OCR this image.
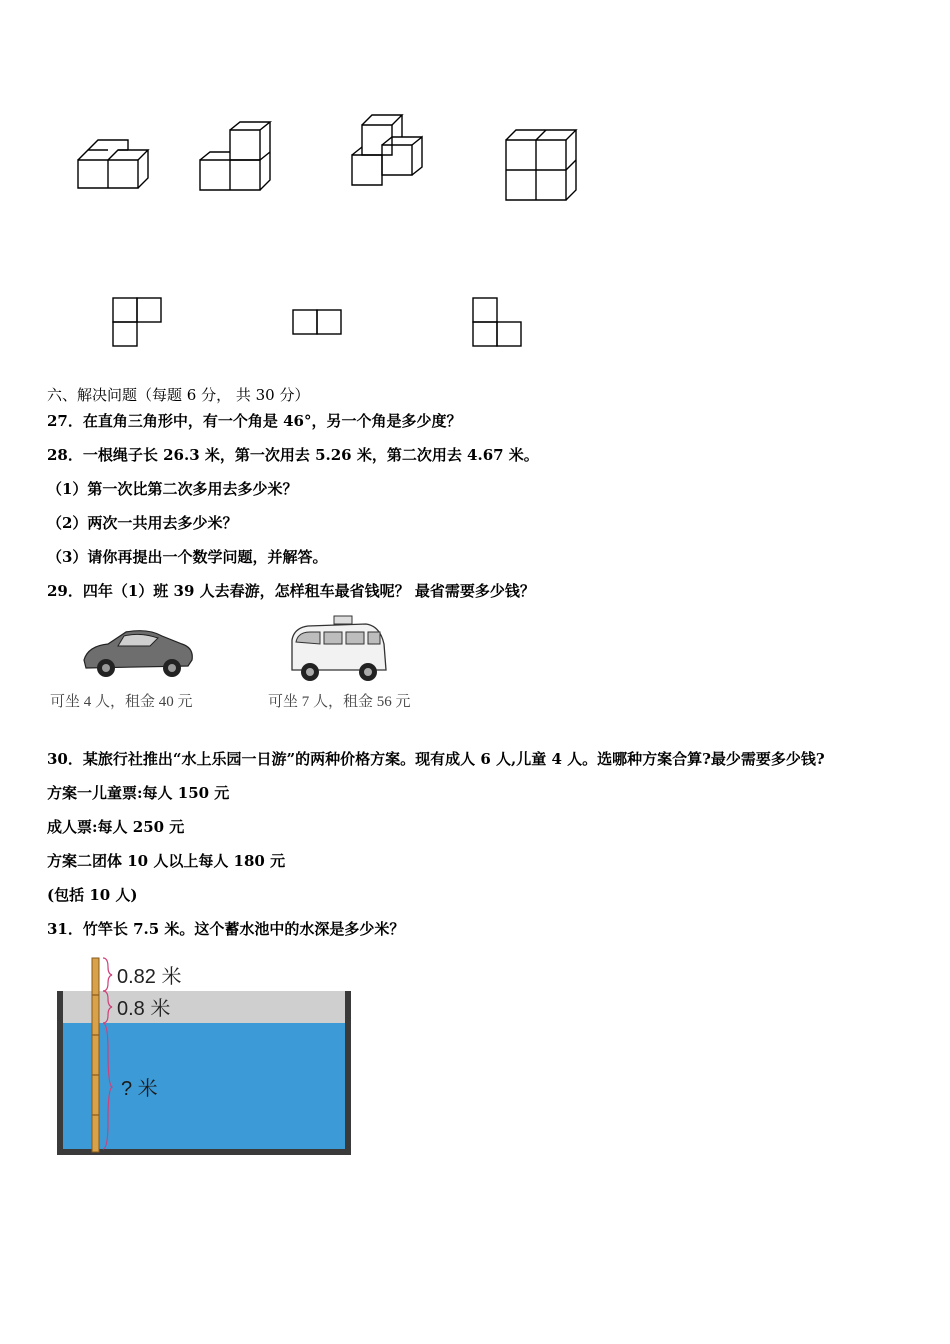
六、解决问题（每题 6 分， 共 30 分）
27．在直角三角形中，有一个角是 46°，另一个角是多少度？
28．一根绳子长 26.3 米，第一次用去 5.26 米，第二次用去 4.67 米。
（1）第一次比第二次多用去多少米？
（2）两次一共用去多少米？
（3）请你再提出一个数学问题，并解答。
29．四年（1）班 39 人去春游，怎样租车最省钱呢？ 最省需要多少钱？
可坐 4 人，租金 40 元	可坐 7 人，租金 56 元
30．某旅行社推出“水上乐园一日游”的两种价格方案。现有成人 6 人,儿童 4 人。选哪种方案合算?最少需要多少钱?
方案一儿童票:每人 150 元
成人票:每人 250 元
方案二团体 10 人以上每人 180 元
(包括 10 人)
31．竹竿长 7.5 米。这个蓄水池中的水深是多少米？
0.82 米
0.8 米
? 米
